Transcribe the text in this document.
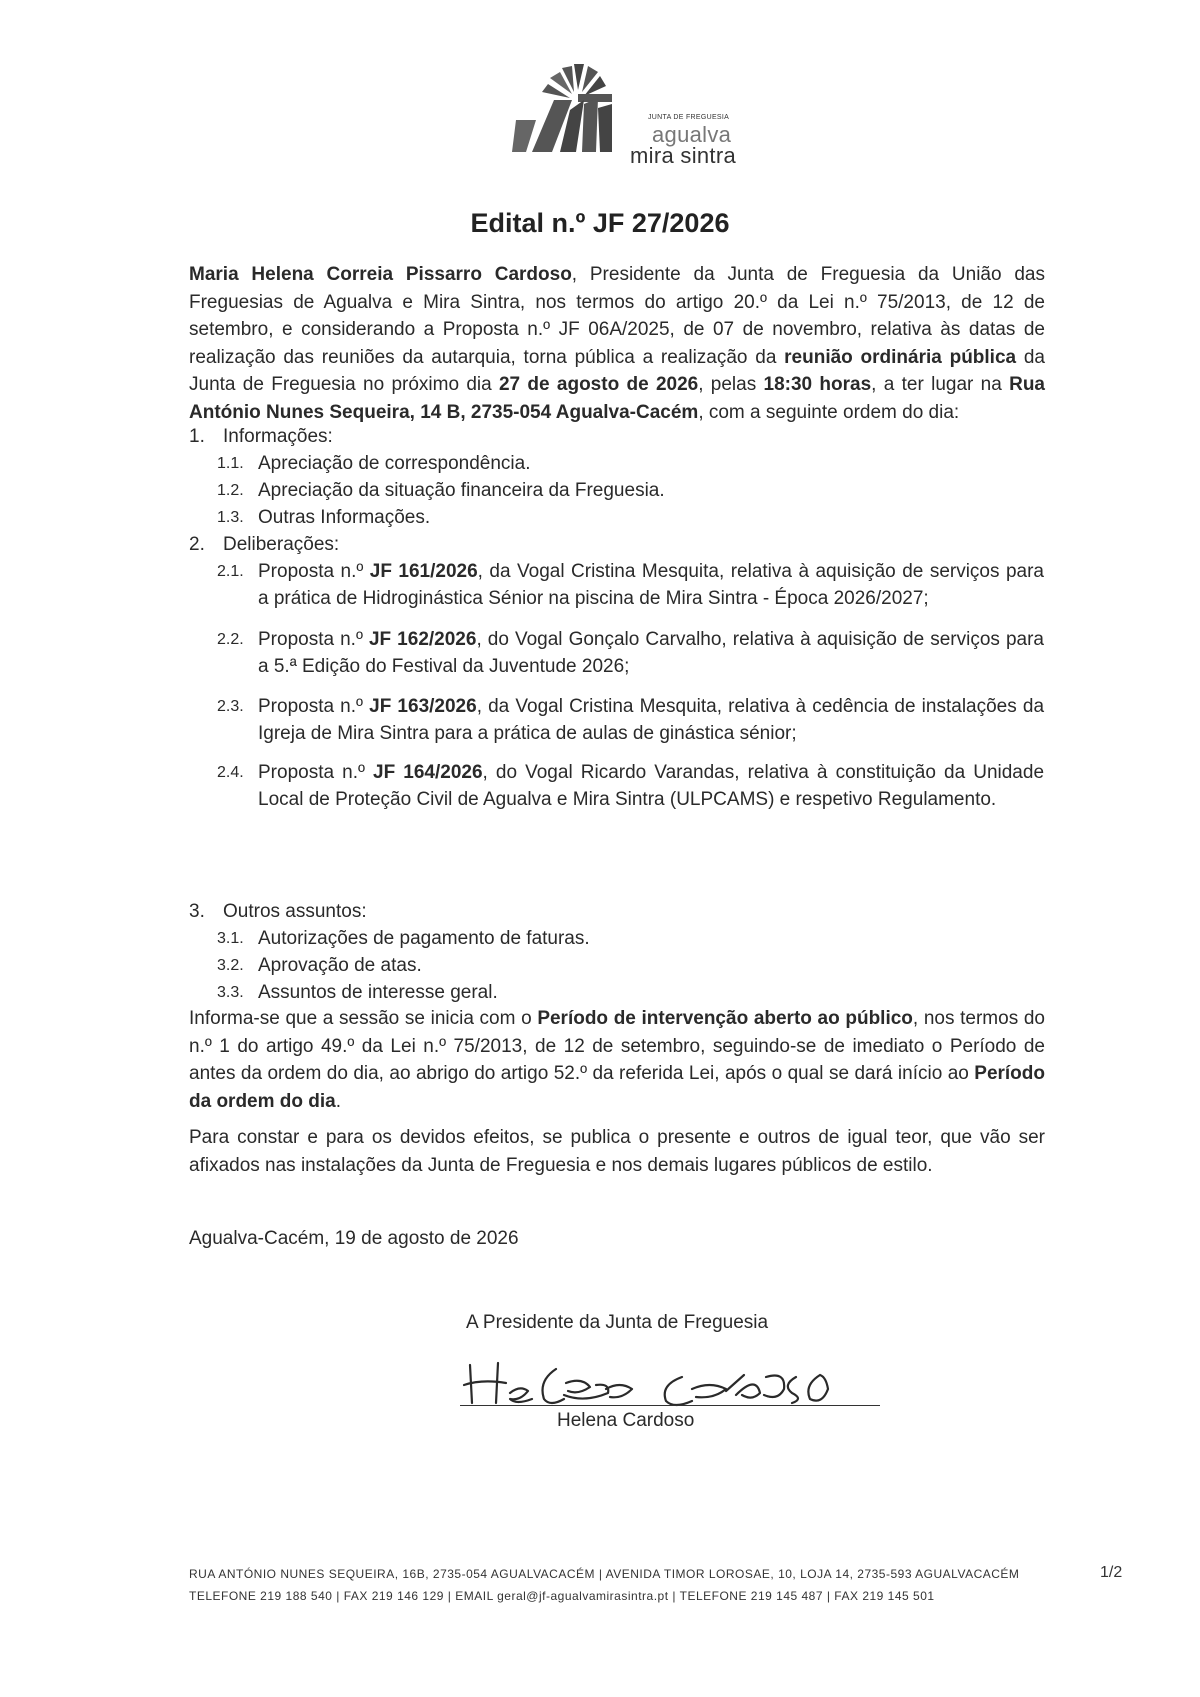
JUNTA DE FREGUESIA
agualva
mira sintra
Edital n.º JF 27/2026
Maria Helena Correia Pissarro Cardoso, Presidente da Junta de Freguesia da União das Freguesias de Agualva e Mira Sintra, nos termos do artigo 20.º da Lei n.º 75/2013, de 12 de setembro, e considerando a Proposta n.º JF 06A/2025, de 07 de novembro, relativa às datas de realização das reuniões da autarquia, torna pública a realização da reunião ordinária pública da Junta de Freguesia no próximo dia 27 de agosto de 2026, pelas 18:30 horas, a ter lugar na Rua António Nunes Sequeira, 14 B, 2735-054 Agualva-Cacém, com a seguinte ordem do dia:
1. Informações:
1.1. Apreciação de correspondência.
1.2. Apreciação da situação financeira da Freguesia.
1.3. Outras Informações.
2. Deliberações:
2.1. Proposta n.º JF 161/2026, da Vogal Cristina Mesquita, relativa à aquisição de serviços para a prática de Hidroginástica Sénior na piscina de Mira Sintra - Época 2026/2027;
2.2. Proposta n.º JF 162/2026, do Vogal Gonçalo Carvalho, relativa à aquisição de serviços para a 5.ª Edição do Festival da Juventude 2026;
2.3. Proposta n.º JF 163/2026, da Vogal Cristina Mesquita, relativa à cedência de instalações da Igreja de Mira Sintra para a prática de aulas de ginástica sénior;
2.4. Proposta n.º JF 164/2026, do Vogal Ricardo Varandas, relativa à constituição da Unidade Local de Proteção Civil de Agualva e Mira Sintra (ULPCAMS) e respetivo Regulamento.
3. Outros assuntos:
3.1. Autorizações de pagamento de faturas.
3.2. Aprovação de atas.
3.3. Assuntos de interesse geral.
Informa-se que a sessão se inicia com o Período de intervenção aberto ao público, nos termos do n.º 1 do artigo 49.º da Lei n.º 75/2013, de 12 de setembro, seguindo-se de imediato o Período de antes da ordem do dia, ao abrigo do artigo 52.º da referida Lei, após o qual se dará início ao Período da ordem do dia.
Para constar e para os devidos efeitos, se publica o presente e outros de igual teor, que vão ser afixados nas instalações da Junta de Freguesia e nos demais lugares públicos de estilo.
Agualva-Cacém, 19 de agosto de 2026
A Presidente da Junta de Freguesia
Helena Cardoso
RUA ANTÓNIO NUNES SEQUEIRA, 16B, 2735-054 AGUALVACACÉM | AVENIDA TIMOR LOROSAE, 10, LOJA 14, 2735-593 AGUALVACACÉM
TELEFONE 219 188 540 | FAX 219 146 129 | EMAIL geral@jf-agualvamirasintra.pt | TELEFONE 219 145 487 | FAX 219 145 501
1/2
